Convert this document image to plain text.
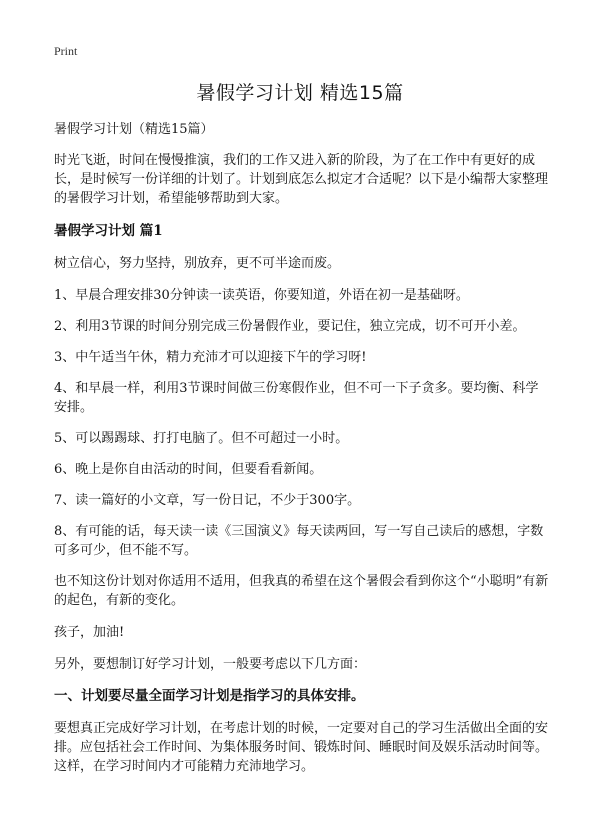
Print
暑假学习计划 精选15篇

暑假学习计划（精选15篇）

时光飞逝，时间在慢慢推演，我们的工作又进入新的阶段，为了在工作中有更好的成长，是时候写一份详细的计划了。计划到底怎么拟定才合适呢？以下是小编帮大家整理的暑假学习计划，希望能够帮助到大家。

暑假学习计划 篇1

树立信心，努力坚持，别放弃，更不可半途而废。

1、早晨合理安排30分钟读一读英语，你要知道，外语在初一是基础呀。

2、利用3节课的时间分别完成三份暑假作业，要记住，独立完成，切不可开小差。

3、中午适当午休，精力充沛才可以迎接下午的学习呀!

4、和早晨一样，利用3节课时间做三份寒假作业，但不可一下子贪多。要均衡、科学安排。

5、可以踢踢球、打打电脑了。但不可超过一小时。

6、晚上是你自由活动的时间，但要看看新闻。

7、读一篇好的小文章，写一份日记，不少于300字。

8、有可能的话，每天读一读《三国演义》每天读两回，写一写自己读后的感想，字数可多可少，但不能不写。

也不知这份计划对你适用不适用，但我真的希望在这个暑假会看到你这个“小聪明”有新的起色，有新的变化。

孩子，加油!

另外，要想制订好学习计划，一般要考虑以下几方面：

一、计划要尽量全面学习计划是指学习的具体安排。

要想真正完成好学习计划，在考虑计划的时候，一定要对自己的学习生活做出全面的安排。应包括社会工作时间、为集体服务时间、锻炼时间、睡眠时间及娱乐活动时间等。这样，在学习时间内才可能精力充沛地学习。
